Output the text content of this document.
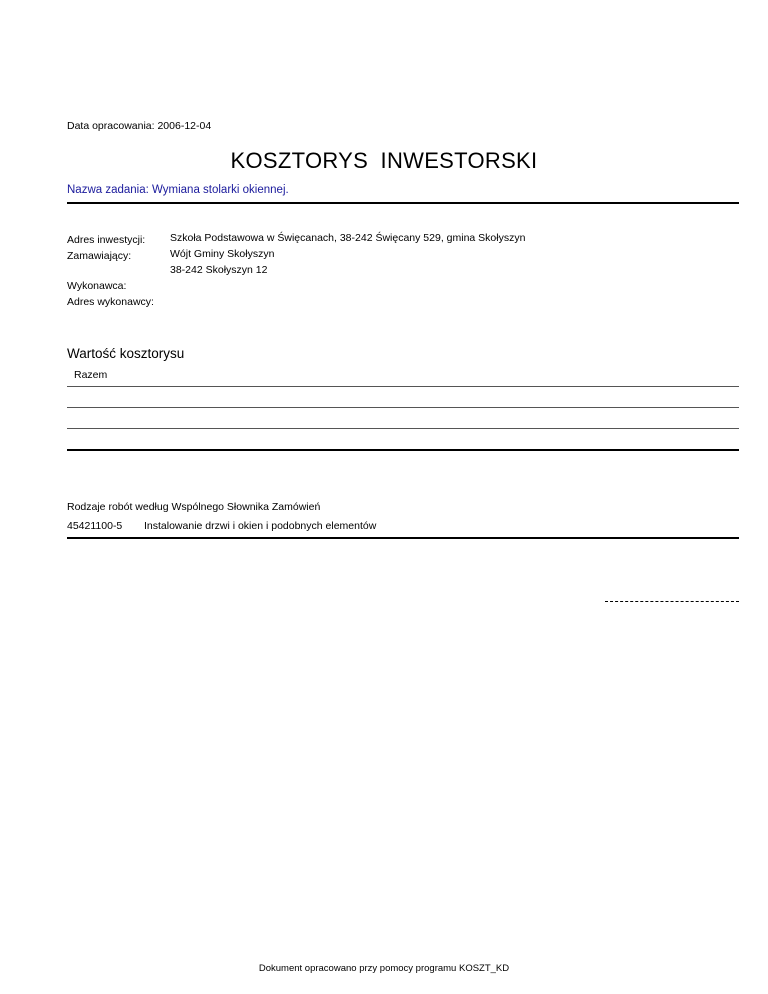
Data opracowania: 2006-12-04
KOSZTORYS INWESTORSKI
Nazwa zadania: Wymiana stolarki okiennej.
Adres inwestycji: Szkoła Podstawowa w Święcanach, 38-242 Święcany 529, gmina Skołyszyn
Zamawiający:	Wójt Gminy Skołyszyn
38-242 Skołyszyn 12
Wykonawca:
Adres wykonawcy:
Wartość kosztorysu
Razem
Rodzaje robót według Wspólnego Słownika Zamówień
45421100-5 Instalowanie drzwi i okien i podobnych elementów
Dokument opracowano przy pomocy programu KOSZT_KD
